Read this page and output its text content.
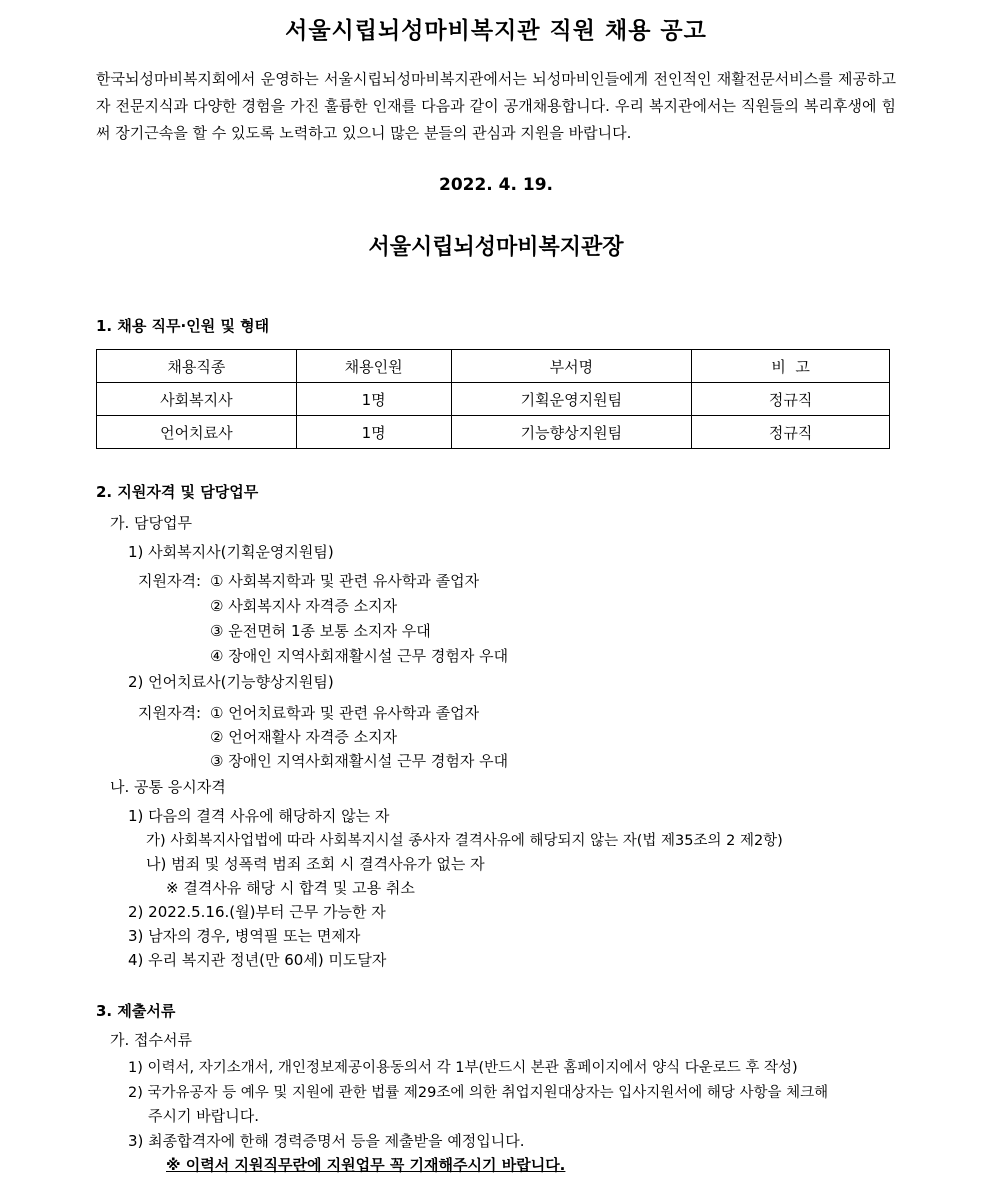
서울시립뇌성마비복지관 직원 채용 공고
한국뇌성마비복지회에서 운영하는 서울시립뇌성마비복지관에서는 뇌성마비인들에게 전인적인 재활전문서비스를 제공하고자 전문지식과 다양한 경험을 가진 훌륭한 인재를 다음과 같이 공개채용합니다. 우리 복지관에서는 직원들의 복리후생에 힘써 장기근속을 할 수 있도록 노력하고 있으니 많은 분들의 관심과 지원을 바랍니다.
2022. 4. 19.
서울시립뇌성마비복지관장
1. 채용 직무·인원 및 형태
채용직종	채용인원	부서명	비  고
사회복지사	1명	기획운영지원팀	정규직
언어치료사	1명	기능향상지원팀	정규직
2. 지원자격 및 담당업무
가. 담당업무
1) 사회복지사(기획운영지원팀)
지원자격: ① 사회복지학과 및 관련 유사학과 졸업자
② 사회복지사 자격증 소지자
③ 운전면허 1종 보통 소지자 우대
④ 장애인 지역사회재활시설 근무 경험자 우대
2) 언어치료사(기능향상지원팀)
지원자격: ① 언어치료학과 및 관련 유사학과 졸업자
② 언어재활사 자격증 소지자
③ 장애인 지역사회재활시설 근무 경험자 우대
나. 공통 응시자격
1) 다음의 결격 사유에 해당하지 않는 자
가) 사회복지사업법에 따라 사회복지시설 종사자 결격사유에 해당되지 않는 자(법 제35조의 2 제2항)
나) 범죄 및 성폭력 범죄 조회 시 결격사유가 없는 자
※ 결격사유 해당 시 합격 및 고용 취소
2) 2022.5.16.(월)부터 근무 가능한 자
3) 남자의 경우, 병역필 또는 면제자
4) 우리 복지관 정년(만 60세) 미도달자
3. 제출서류
가. 접수서류
1) 이력서, 자기소개서, 개인정보제공이용동의서 각 1부(반드시 본관 홈페이지에서 양식 다운로드 후 작성)
2) 국가유공자 등 예우 및 지원에 관한 법률 제29조에 의한 취업지원대상자는 입사지원서에 해당 사항을 체크해
주시기 바랍니다.
3) 최종합격자에 한해 경력증명서 등을 제출받을 예정입니다.
※ 이력서 지원직무란에 지원업무 꼭 기재해주시기 바랍니다.
